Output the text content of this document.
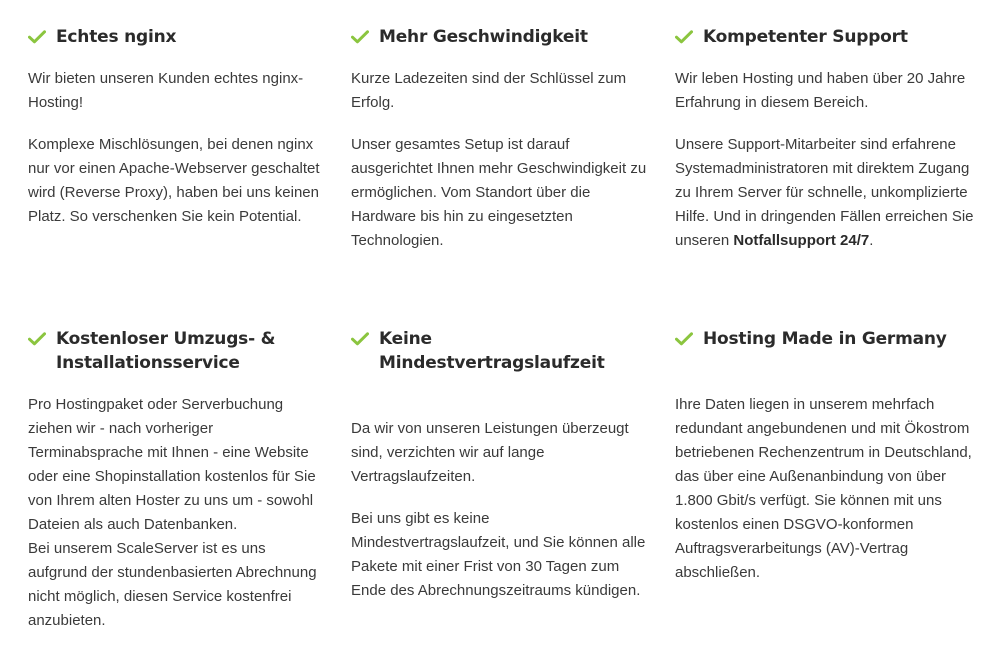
Echtes nginx

Wir bieten unseren Kunden echtes nginx-Hosting!

Komplexe Mischlösungen, bei denen nginx nur vor einen Apache-Webserver geschaltet wird (Reverse Proxy), haben bei uns keinen Platz. So verschenken Sie kein Potential.

Mehr Geschwindigkeit

Kurze Ladezeiten sind der Schlüssel zum Erfolg.

Unser gesamtes Setup ist darauf ausgerichtet Ihnen mehr Geschwindigkeit zu ermöglichen. Vom Standort über die Hardware bis hin zu eingesetzten Technologien.

Kompetenter Support

Wir leben Hosting und haben über 20 Jahre Erfahrung in diesem Bereich.

Unsere Support-Mitarbeiter sind erfahrene Systemadministratoren mit direktem Zugang zu Ihrem Server für schnelle, unkomplizierte Hilfe. Und in dringenden Fällen erreichen Sie unseren Notfallsupport 24/7.

Kostenloser Umzugs- & Installationsservice

Pro Hostingpaket oder Serverbuchung ziehen wir - nach vorheriger Terminabsprache mit Ihnen - eine Website oder eine Shopinstallation kostenlos für Sie von Ihrem alten Hoster zu uns um - sowohl Dateien als auch Datenbanken.

Bei unserem ScaleServer ist es uns aufgrund der stundenbasierten Abrechnung nicht möglich, diesen Service kostenfrei anzubieten.

Keine Mindestvertragslaufzeit

Da wir von unseren Leistungen überzeugt sind, verzichten wir auf lange Vertragslaufzeiten.

Bei uns gibt es keine Mindestvertragslaufzeit, und Sie können alle Pakete mit einer Frist von 30 Tagen zum Ende des Abrechnungszeitraums kündigen.

Hosting Made in Germany

Ihre Daten liegen in unserem mehrfach redundant angebundenen und mit Ökostrom betriebenen Rechenzentrum in Deutschland, das über eine Außenanbindung von über 1.800 Gbit/s verfügt. Sie können mit uns kostenlos einen DSGVO-konformen Auftragsverarbeitungs (AV)-Vertrag abschließen.
